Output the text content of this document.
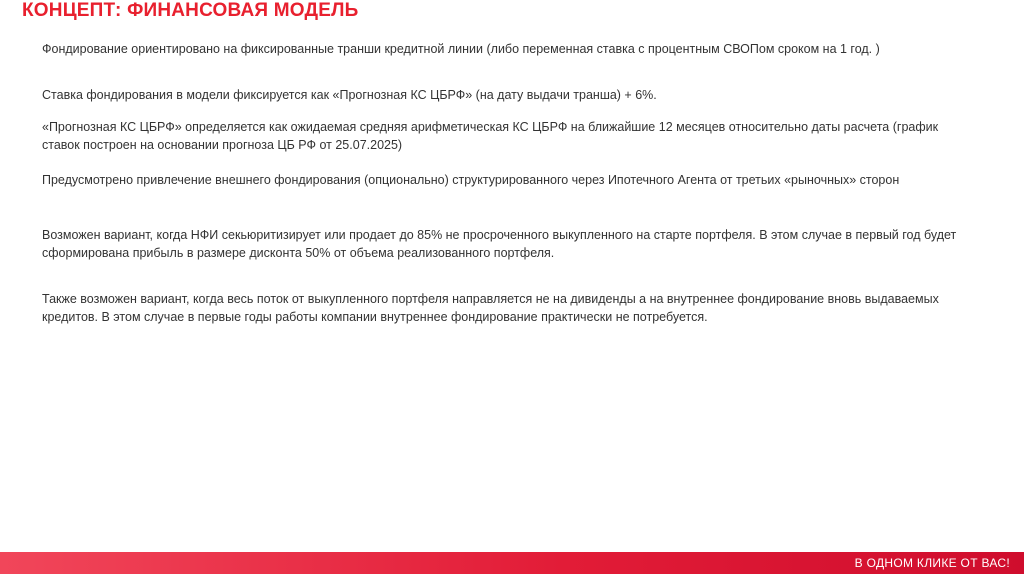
КОНЦЕПТ: ФИНАНСОВАЯ МОДЕЛЬ

Фондирование ориентировано на фиксированные транши кредитной линии (либо переменная ставка с процентным СВОПом сроком на 1 год. )

Ставка фондирования в модели фиксируется как «Прогнозная КС ЦБРФ» (на дату выдачи транша) + 6%.

«Прогнозная КС ЦБРФ» определяется как ожидаемая средняя арифметическая КС ЦБРФ на ближайшие 12 месяцев относительно даты расчета (график ставок построен на основании прогноза ЦБ РФ от 25.07.2025)

Предусмотрено привлечение внешнего фондирования (опционально) структурированного через Ипотечного Агента от третьих «рыночных» сторон

Возможен вариант, когда НФИ секьюритизирует или продает до 85% не просроченного выкупленного на старте портфеля. В этом случае в первый год будет сформирована прибыль в размере дисконта 50% от объема реализованного портфеля.

Также возможен вариант, когда весь поток от выкупленного портфеля направляется не на дивиденды а на внутреннее фондирование вновь выдаваемых кредитов. В этом случае в первые годы работы компании внутреннее фондирование практически не потребуется.

В ОДНОМ КЛИКЕ ОТ ВАС!
